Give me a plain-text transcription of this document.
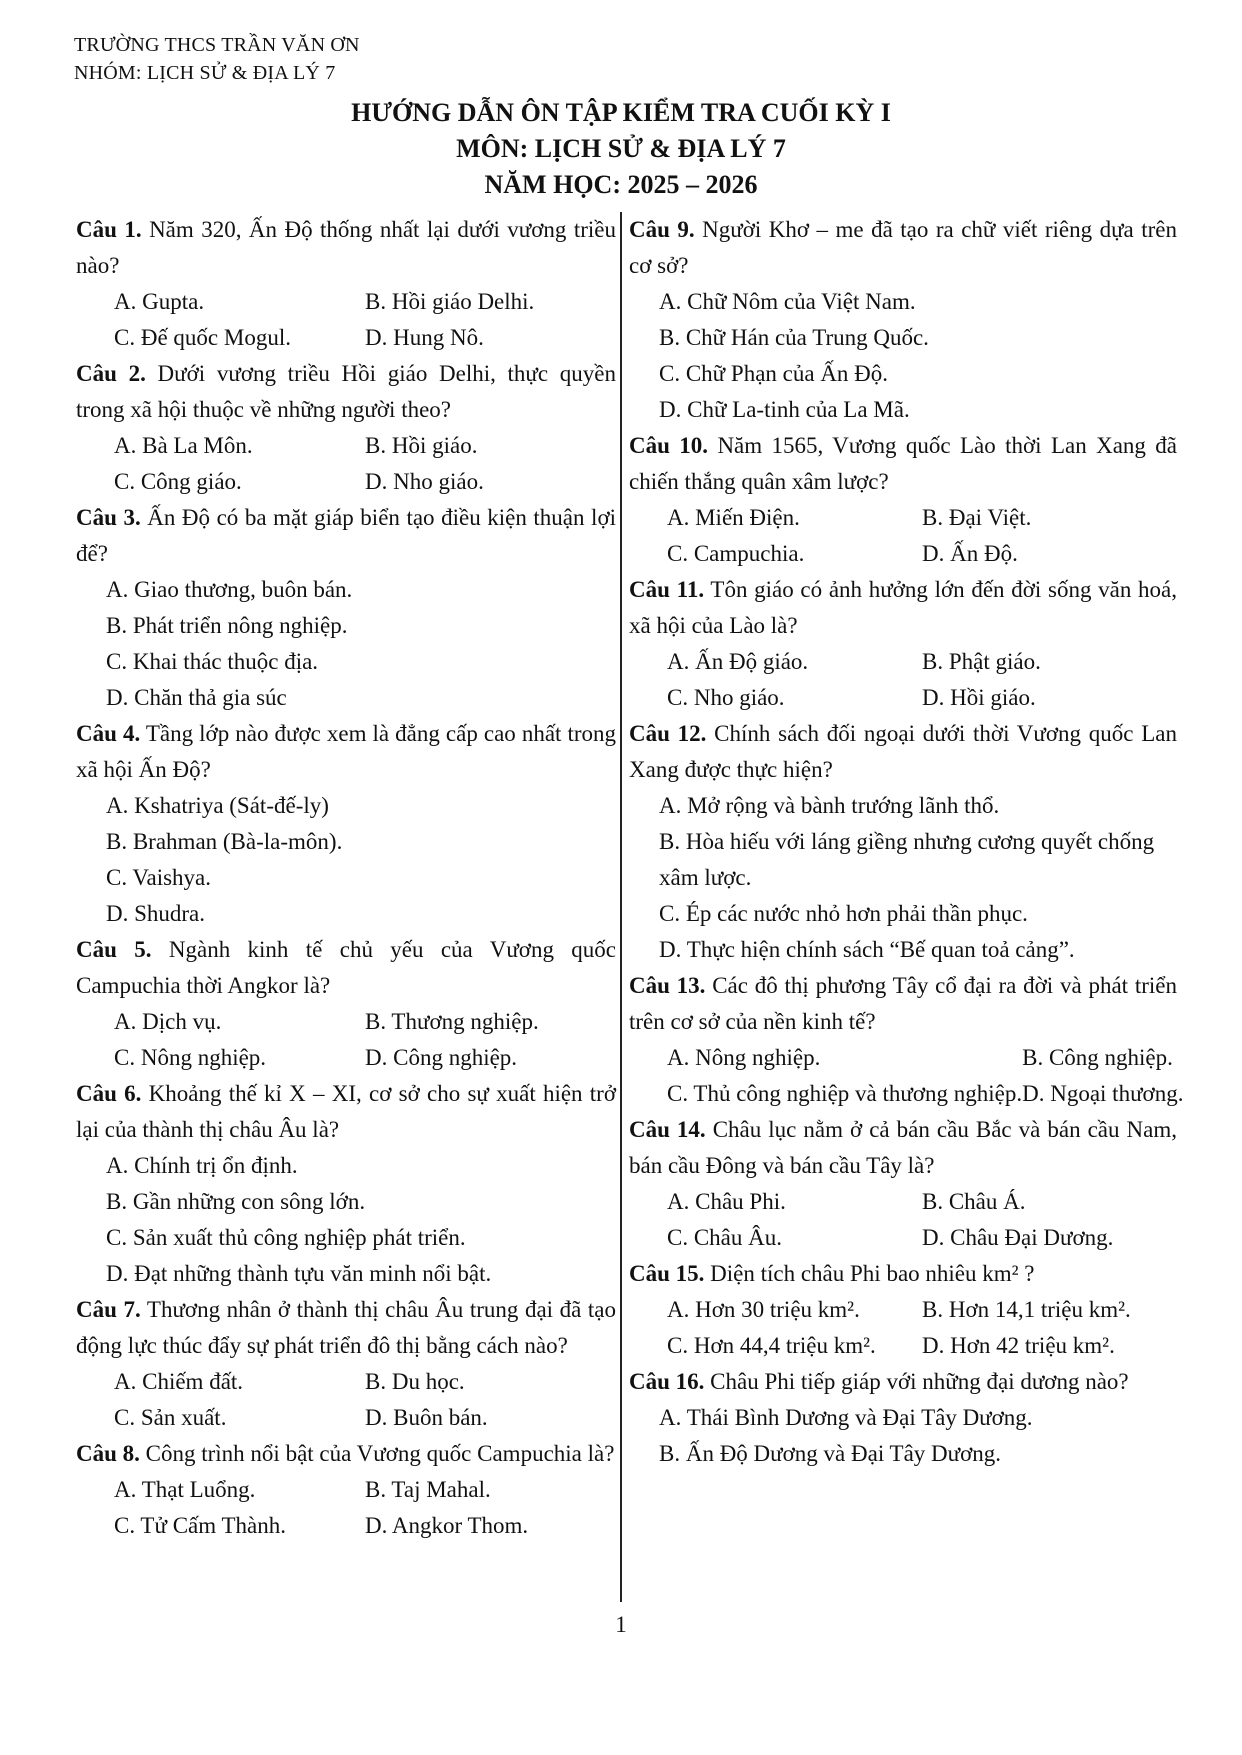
TRƯỜNG THCS TRẦN VĂN ƠN
NHÓM: LỊCH SỬ & ĐỊA LÝ 7
HƯỚNG DẪN ÔN TẬP KIỂM TRA CUỐI KỲ I
MÔN: LỊCH SỬ & ĐỊA LÝ 7
NĂM HỌC: 2025 – 2026
Câu 1. Năm 320, Ấn Độ thống nhất lại dưới vương triều nào?
A. Gupta.	B. Hồi giáo Delhi.
C. Đế quốc Mogul.	D. Hung Nô.
Câu 2. Dưới vương triều Hồi giáo Delhi, thực quyền trong xã hội thuộc về những người theo?
A. Bà La Môn.	B. Hồi giáo.
C. Công giáo.	D. Nho giáo.
Câu 3. Ấn Độ có ba mặt giáp biển tạo điều kiện thuận lợi để?
A. Giao thương, buôn bán.
B. Phát triển nông nghiệp.
C. Khai thác thuộc địa.
D. Chăn thả gia súc
Câu 4. Tầng lớp nào được xem là đẳng cấp cao nhất trong xã hội Ấn Độ?
A. Kshatriya (Sát-đế-ly)
B. Brahman (Bà-la-môn).
C. Vaishya.
D. Shudra.
Câu 5. Ngành kinh tế chủ yếu của Vương quốc Campuchia thời Angkor là?
A. Dịch vụ.	B. Thương nghiệp.
C. Nông nghiệp.	D. Công nghiệp.
Câu 6. Khoảng thế kỉ X – XI, cơ sở cho sự xuất hiện trở lại của thành thị châu Âu là?
A. Chính trị ổn định.
B. Gần những con sông lớn.
C. Sản xuất thủ công nghiệp phát triển.
D. Đạt những thành tựu văn minh nổi bật.
Câu 7. Thương nhân ở thành thị châu Âu trung đại đã tạo động lực thúc đẩy sự phát triển đô thị bằng cách nào?
A. Chiếm đất.	B. Du học.
C. Sản xuất.	D. Buôn bán.
Câu 8. Công trình nổi bật của Vương quốc Campuchia là?
A. Thạt Luổng.	B. Taj Mahal.
C. Tử Cấm Thành.	D. Angkor Thom.
Câu 9. Người Khơ – me đã tạo ra chữ viết riêng dựa trên cơ sở?
A. Chữ Nôm của Việt Nam.
B. Chữ Hán của Trung Quốc.
C. Chữ Phạn của Ấn Độ.
D. Chữ La-tinh của La Mã.
Câu 10. Năm 1565, Vương quốc Lào thời Lan Xang đã chiến thắng quân xâm lược?
A. Miến Điện.	B. Đại Việt.
C. Campuchia.	D. Ấn Độ.
Câu 11. Tôn giáo có ảnh hưởng lớn đến đời sống văn hoá, xã hội của Lào là?
A. Ấn Độ giáo.	B. Phật giáo.
C. Nho giáo.	D. Hồi giáo.
Câu 12. Chính sách đối ngoại dưới thời Vương quốc Lan Xang được thực hiện?
A. Mở rộng và bành trướng lãnh thổ.
B. Hòa hiếu với láng giềng nhưng cương quyết chống xâm lược.
C. Ép các nước nhỏ hơn phải thần phục.
D. Thực hiện chính sách “Bế quan toả cảng”.
Câu 13. Các đô thị phương Tây cổ đại ra đời và phát triển trên cơ sở của nền kinh tế?
A. Nông nghiệp.	B. Công nghiệp.
C. Thủ công nghiệp và thương nghiệp. D. Ngoại thương.
Câu 14. Châu lục nằm ở cả bán cầu Bắc và bán cầu Nam, bán cầu Đông và bán cầu Tây là?
A. Châu Phi.	B. Châu Á.
C. Châu Âu.	D. Châu Đại Dương.
Câu 15. Diện tích châu Phi bao nhiêu km² ?
A. Hơn 30 triệu km².	B. Hơn 14,1 triệu km².
C. Hơn 44,4 triệu km².	D. Hơn 42 triệu km².
Câu 16. Châu Phi tiếp giáp với những đại dương nào?
A. Thái Bình Dương và Đại Tây Dương.
B. Ấn Độ Dương và Đại Tây Dương.
1
